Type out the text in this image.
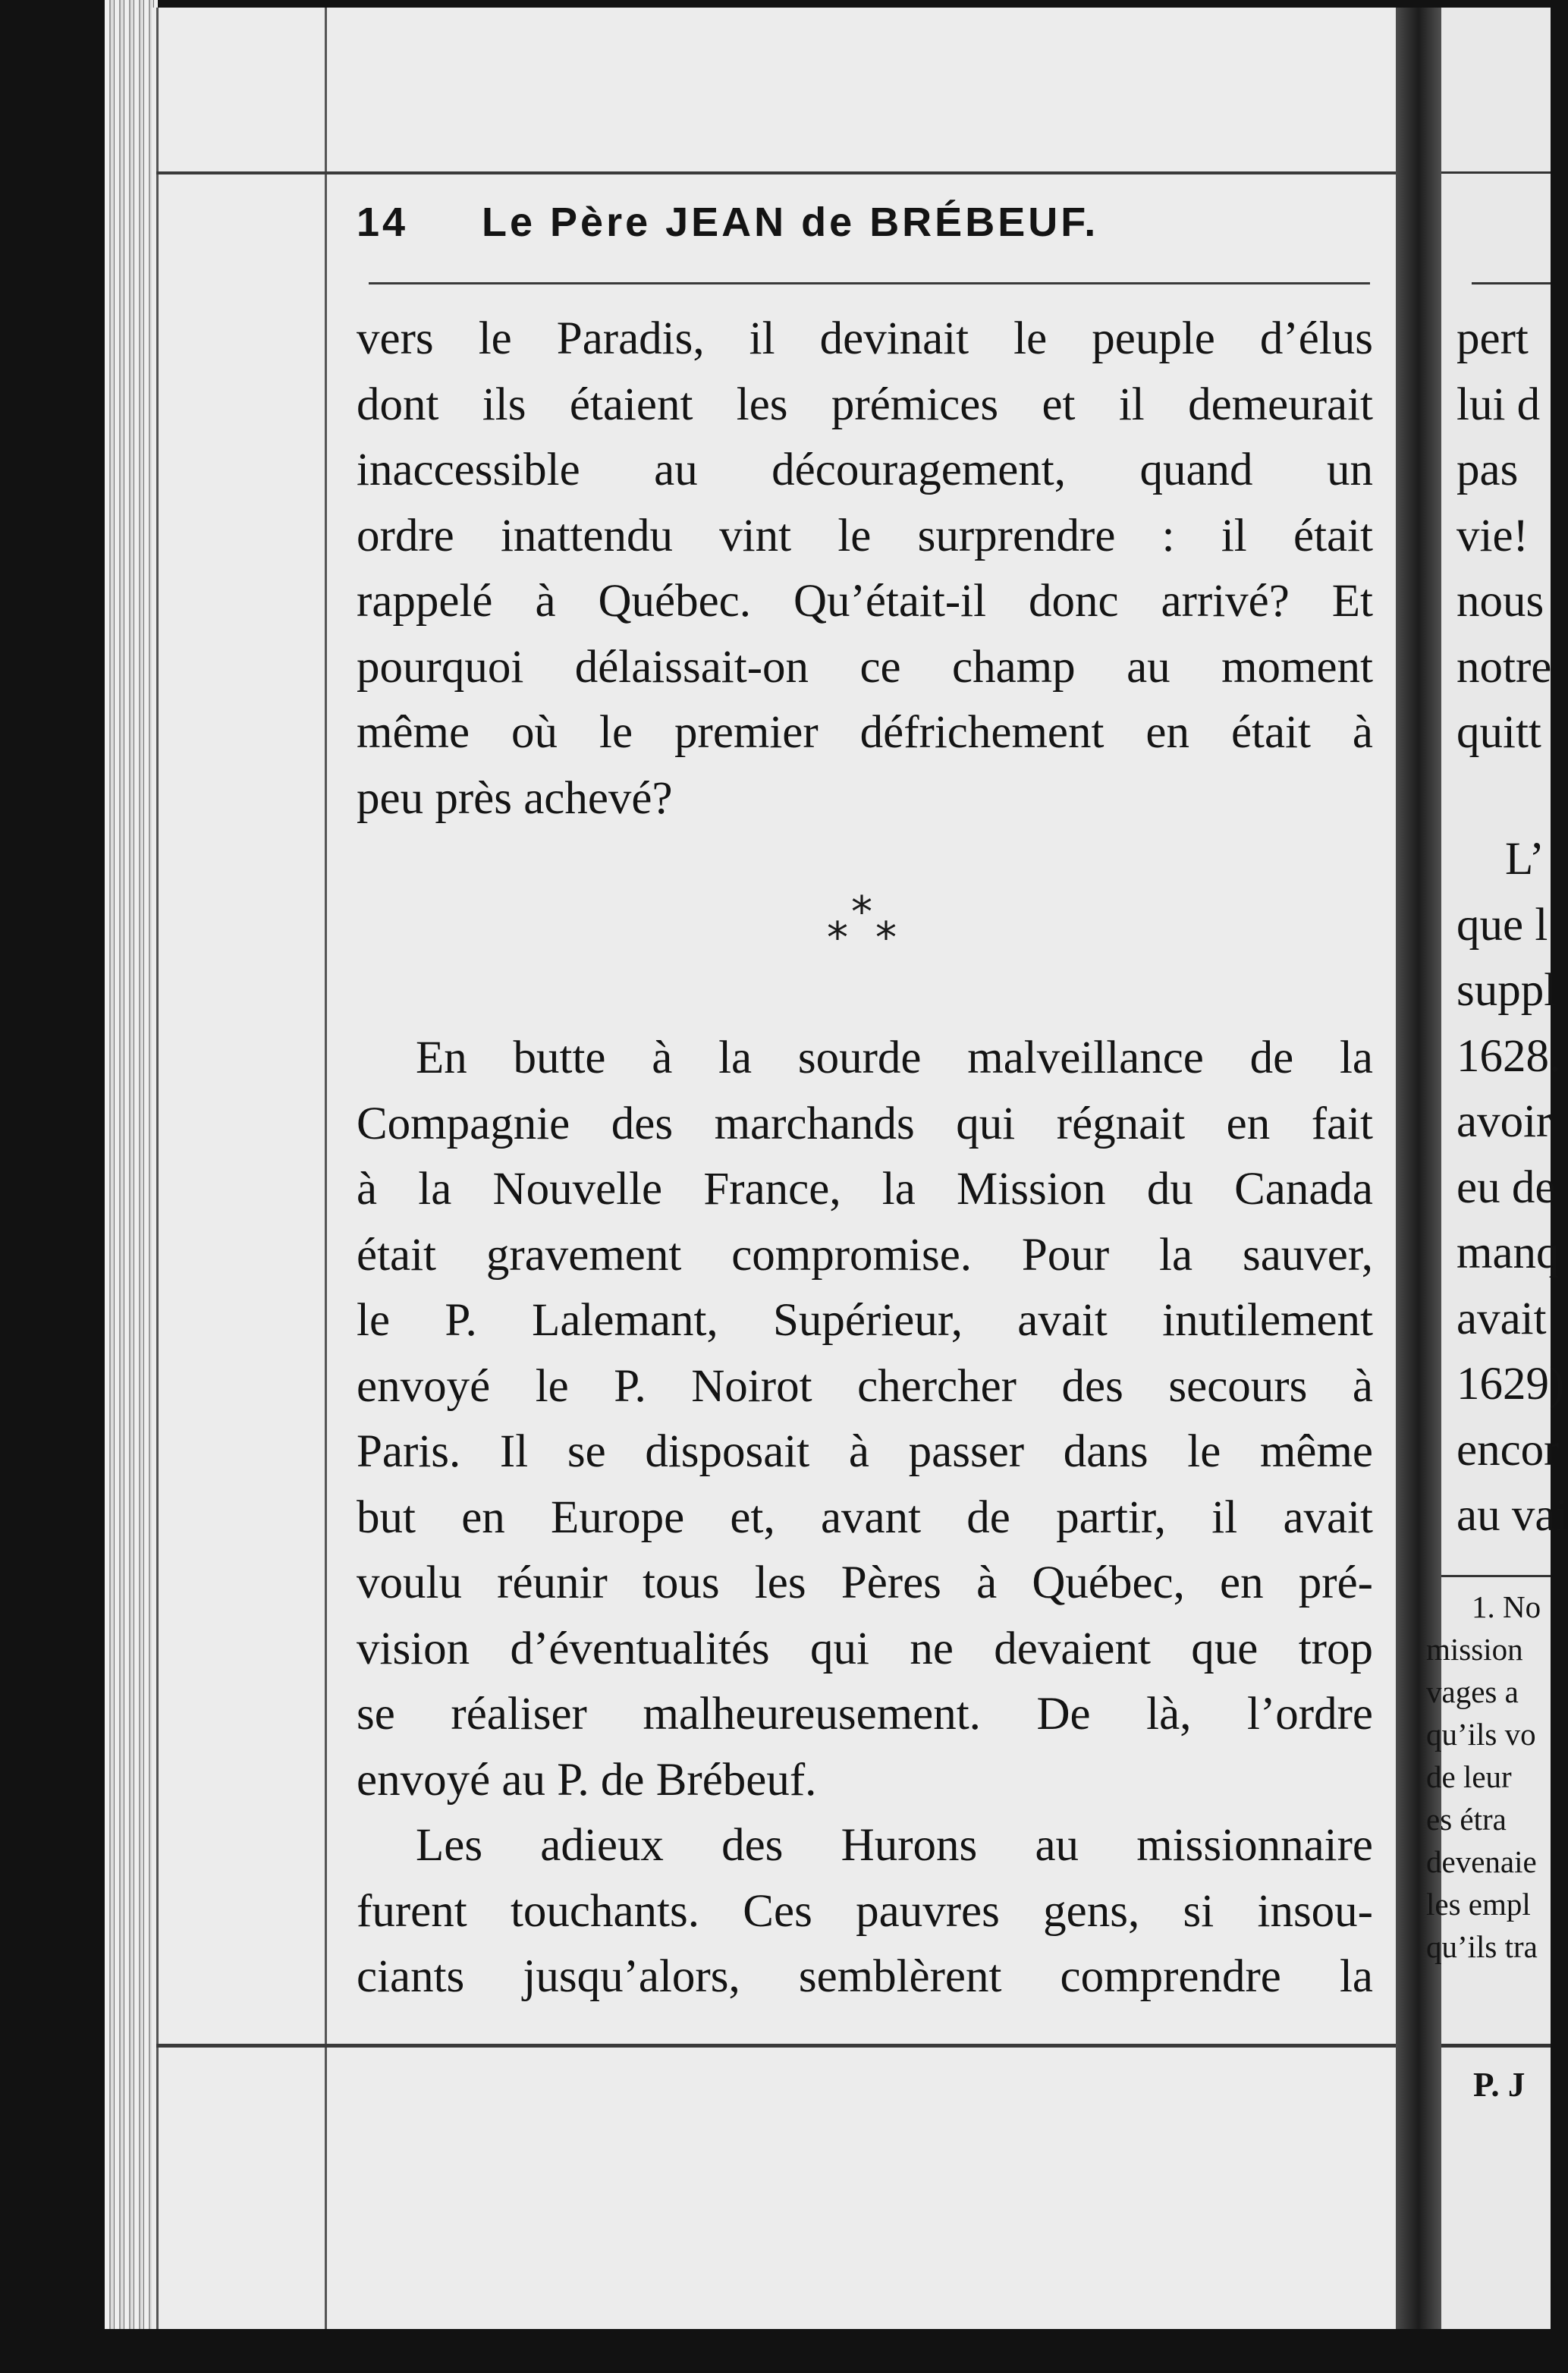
14 Le Père JEAN de BRÉBEUF.
vers le Paradis, il devinait le peuple d’élus
dont ils étaient les prémices et il demeurait
inaccessible au découragement, quand un
ordre inattendu vint le surprendre : il était
rappelé à Québec. Qu’était-il donc arrivé? Et
pourquoi délaissait-on ce champ au moment
même où le premier défrichement en était à
peu près achevé?
*
* *
En butte à la sourde malveillance de la
Compagnie des marchands qui régnait en fait
à la Nouvelle France, la Mission du Canada
était gravement compromise. Pour la sauver,
le P. Lalemant, Supérieur, avait inutilement
envoyé le P. Noirot chercher des secours à
Paris. Il se disposait à passer dans le même
but en Europe et, avant de partir, il avait
voulu réunir tous les Pères à Québec, en pré-
vision d’éventualités qui ne devaient que trop
se réaliser malheureusement. De là, l’ordre
envoyé au P. de Brébeuf.
Les adieux des Hurons au missionnaire
furent touchants. Ces pauvres gens, si insou-
ciants jusqu’alors, semblèrent comprendre la
pert
lui d
pas
vie!
nous
notre
quitt
L’
que l
suppl
1628.
avoir
eu de
manq
avait
1629)
encor
au vai
1. No
mission
vages a
qu’ils vo
de leur
es étra
devenaie
les empl
qu’ils tra
P. J
